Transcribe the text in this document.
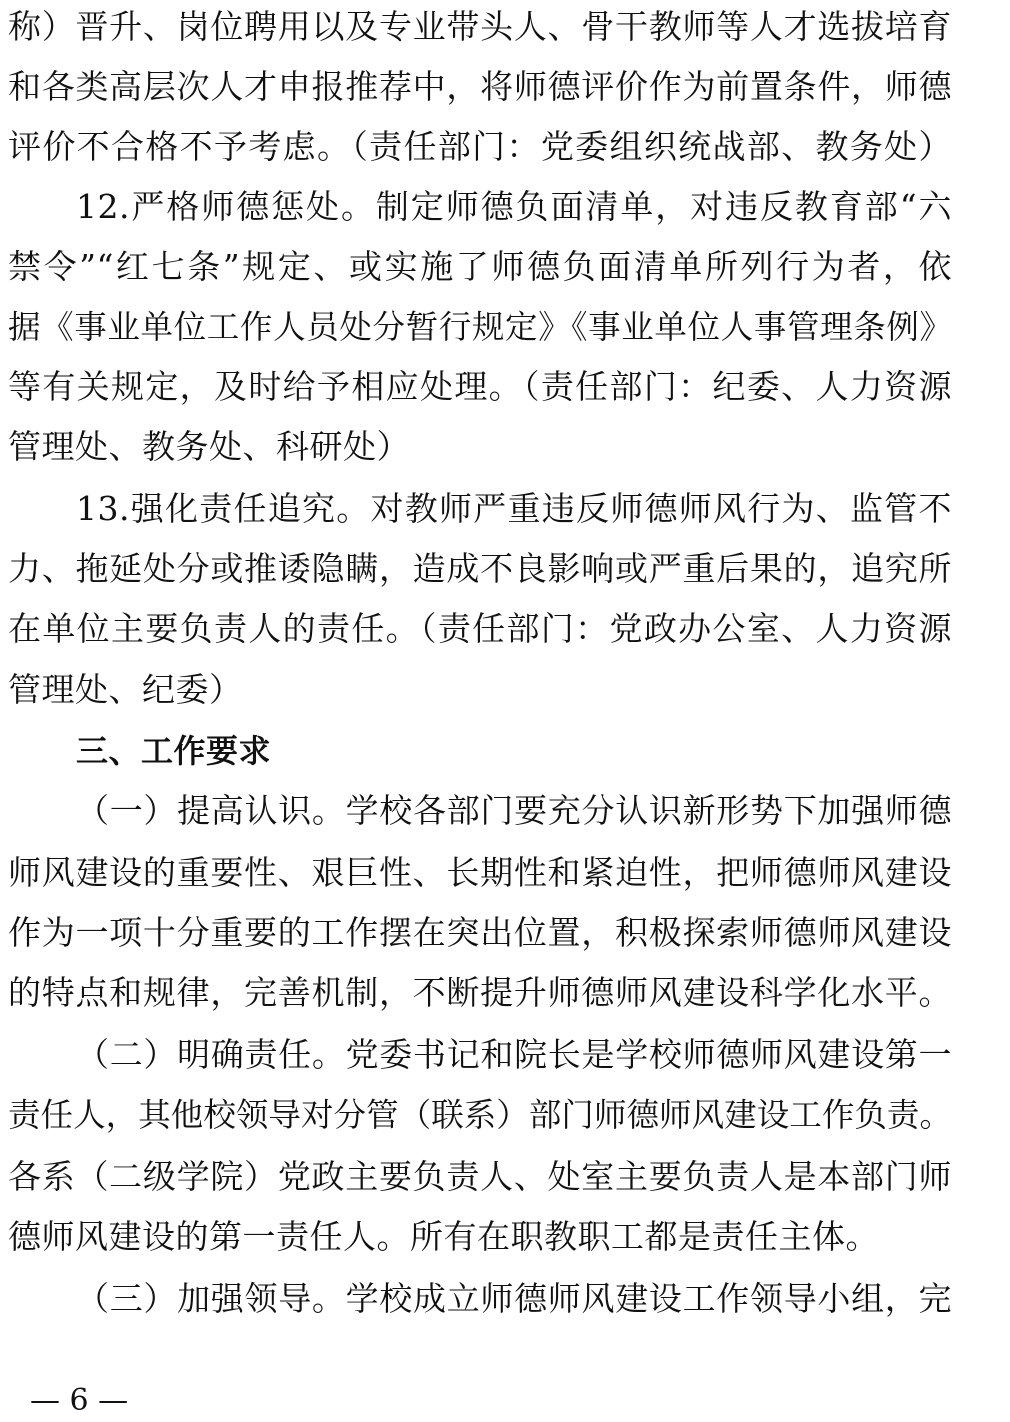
称）晋升、岗位聘用以及专业带头人、骨干教师等人才选拔培育
和各类高层次人才申报推荐中，将师德评价作为前置条件，师德
评价不合格不予考虑。（责任部门：党委组织统战部、教务处）
12.严格师德惩处。制定师德负面清单，对违反教育部“六
禁令”“红七条”规定、或实施了师德负面清单所列行为者，依
据《事业单位工作人员处分暂行规定》《事业单位人事管理条例》
等有关规定，及时给予相应处理。（责任部门：纪委、人力资源
管理处、教务处、科研处）
13.强化责任追究。对教师严重违反师德师风行为、监管不
力、拖延处分或推诿隐瞒，造成不良影响或严重后果的，追究所
在单位主要负责人的责任。（责任部门：党政办公室、人力资源
管理处、纪委）
三、工作要求
（一）提高认识。学校各部门要充分认识新形势下加强师德
师风建设的重要性、艰巨性、长期性和紧迫性，把师德师风建设
作为一项十分重要的工作摆在突出位置，积极探索师德师风建设
的特点和规律，完善机制，不断提升师德师风建设科学化水平。
（二）明确责任。党委书记和院长是学校师德师风建设第一
责任人，其他校领导对分管（联系）部门师德师风建设工作负责。
各系（二级学院）党政主要负责人、处室主要负责人是本部门师
德师风建设的第一责任人。所有在职教职工都是责任主体。
（三）加强领导。学校成立师德师风建设工作领导小组，完
— 6 —
